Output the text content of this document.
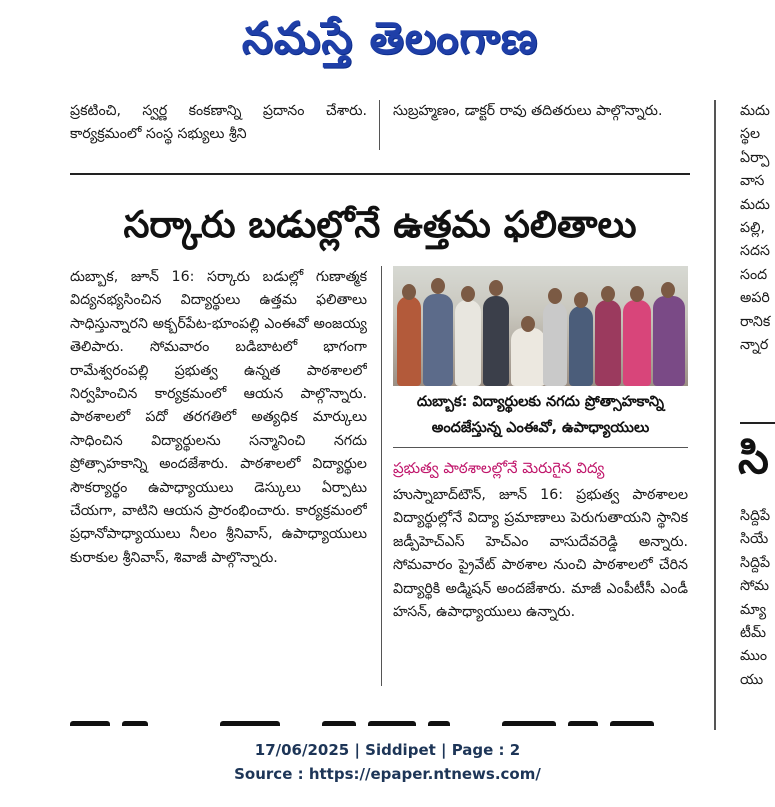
నమస్తే తెలంగాణ
ప్రకటించి, స్వర్ణ కంకణాన్ని ప్రదానం చేశారు. కార్యక్రమంలో సంస్థ సభ్యులు శ్రీని
సుబ్రహ్మణం, డాక్టర్ రావు తదితరులు పాల్గొన్నారు.
సర్కారు బడుల్లోనే ఉత్తమ ఫలితాలు

దుబ్బాక, జూన్ 16: సర్కారు బడుల్లో గుణాత్మక విద్యనభ్యసించిన విద్యార్థులు ఉత్తమ ఫలితాలు సాధిస్తున్నారని అక్బర్‌పేట-భూంపల్లి ఎంఈవో అంజయ్య తెలిపారు. సోమవారం బడిబాటలో భాగంగా రామేశ్వరంపల్లి ప్రభుత్వ ఉన్నత పాఠశాలలో నిర్వహించిన కార్యక్రమంలో ఆయన పాల్గొన్నారు. పాఠశాలలో పదో తరగతిలో అత్యధిక మార్కులు సాధించిన విద్యార్థులను సన్మానించి నగదు ప్రోత్సాహకాన్ని అందజేశారు. పాఠశాలలో విద్యార్థుల సౌకర్యార్థం ఉపాధ్యాయులు డెస్కులు ఏర్పాటు చేయగా, వాటిని ఆయన ప్రారంభించారు. కార్యక్రమంలో ప్రధానోపాధ్యాయులు నీలం శ్రీనివాస్, ఉపాధ్యాయులు కురాకుల శ్రీనివాస్, శివాజీ పాల్గొన్నారు.

దుబ్బాక: విద్యార్థులకు నగదు ప్రోత్సాహకాన్ని అందజేస్తున్న ఎంఈవో, ఉపాధ్యాయులు
ప్రభుత్వ పాఠశాలల్లోనే మెరుగైన విద్య

హుస్నాబాద్‌టౌన్, జూన్ 16: ప్రభుత్వ పాఠశాలల విద్యార్థుల్లోనే విద్యా ప్రమాణాలు పెరుగుతాయని స్థానిక జడ్పీహెచ్ఎస్ హెచ్ఎం వాసుదేవరెడ్డి అన్నారు. సోమవారం ప్రైవేట్ పాఠశాల నుంచి పాఠశాలలో చేరిన విద్యార్థికి అడ్మిషన్ అందజేశారు. మాజీ ఎంపీటీసీ ఎండీ హసన్, ఉపాధ్యాయులు ఉన్నారు.

మదు
స్థల
ఏర్పా
వాస
మదు
పల్లి,
సదస
సంద
అపరి
రానిక
న్నార
సిద్దిపే
సియే
సిద్దిపే
సోమ
మ్యా
టీమ్
ముం
యు
సి
17/06/2025 | Siddipet | Page : 2
Source : https://epaper.ntnews.com/
